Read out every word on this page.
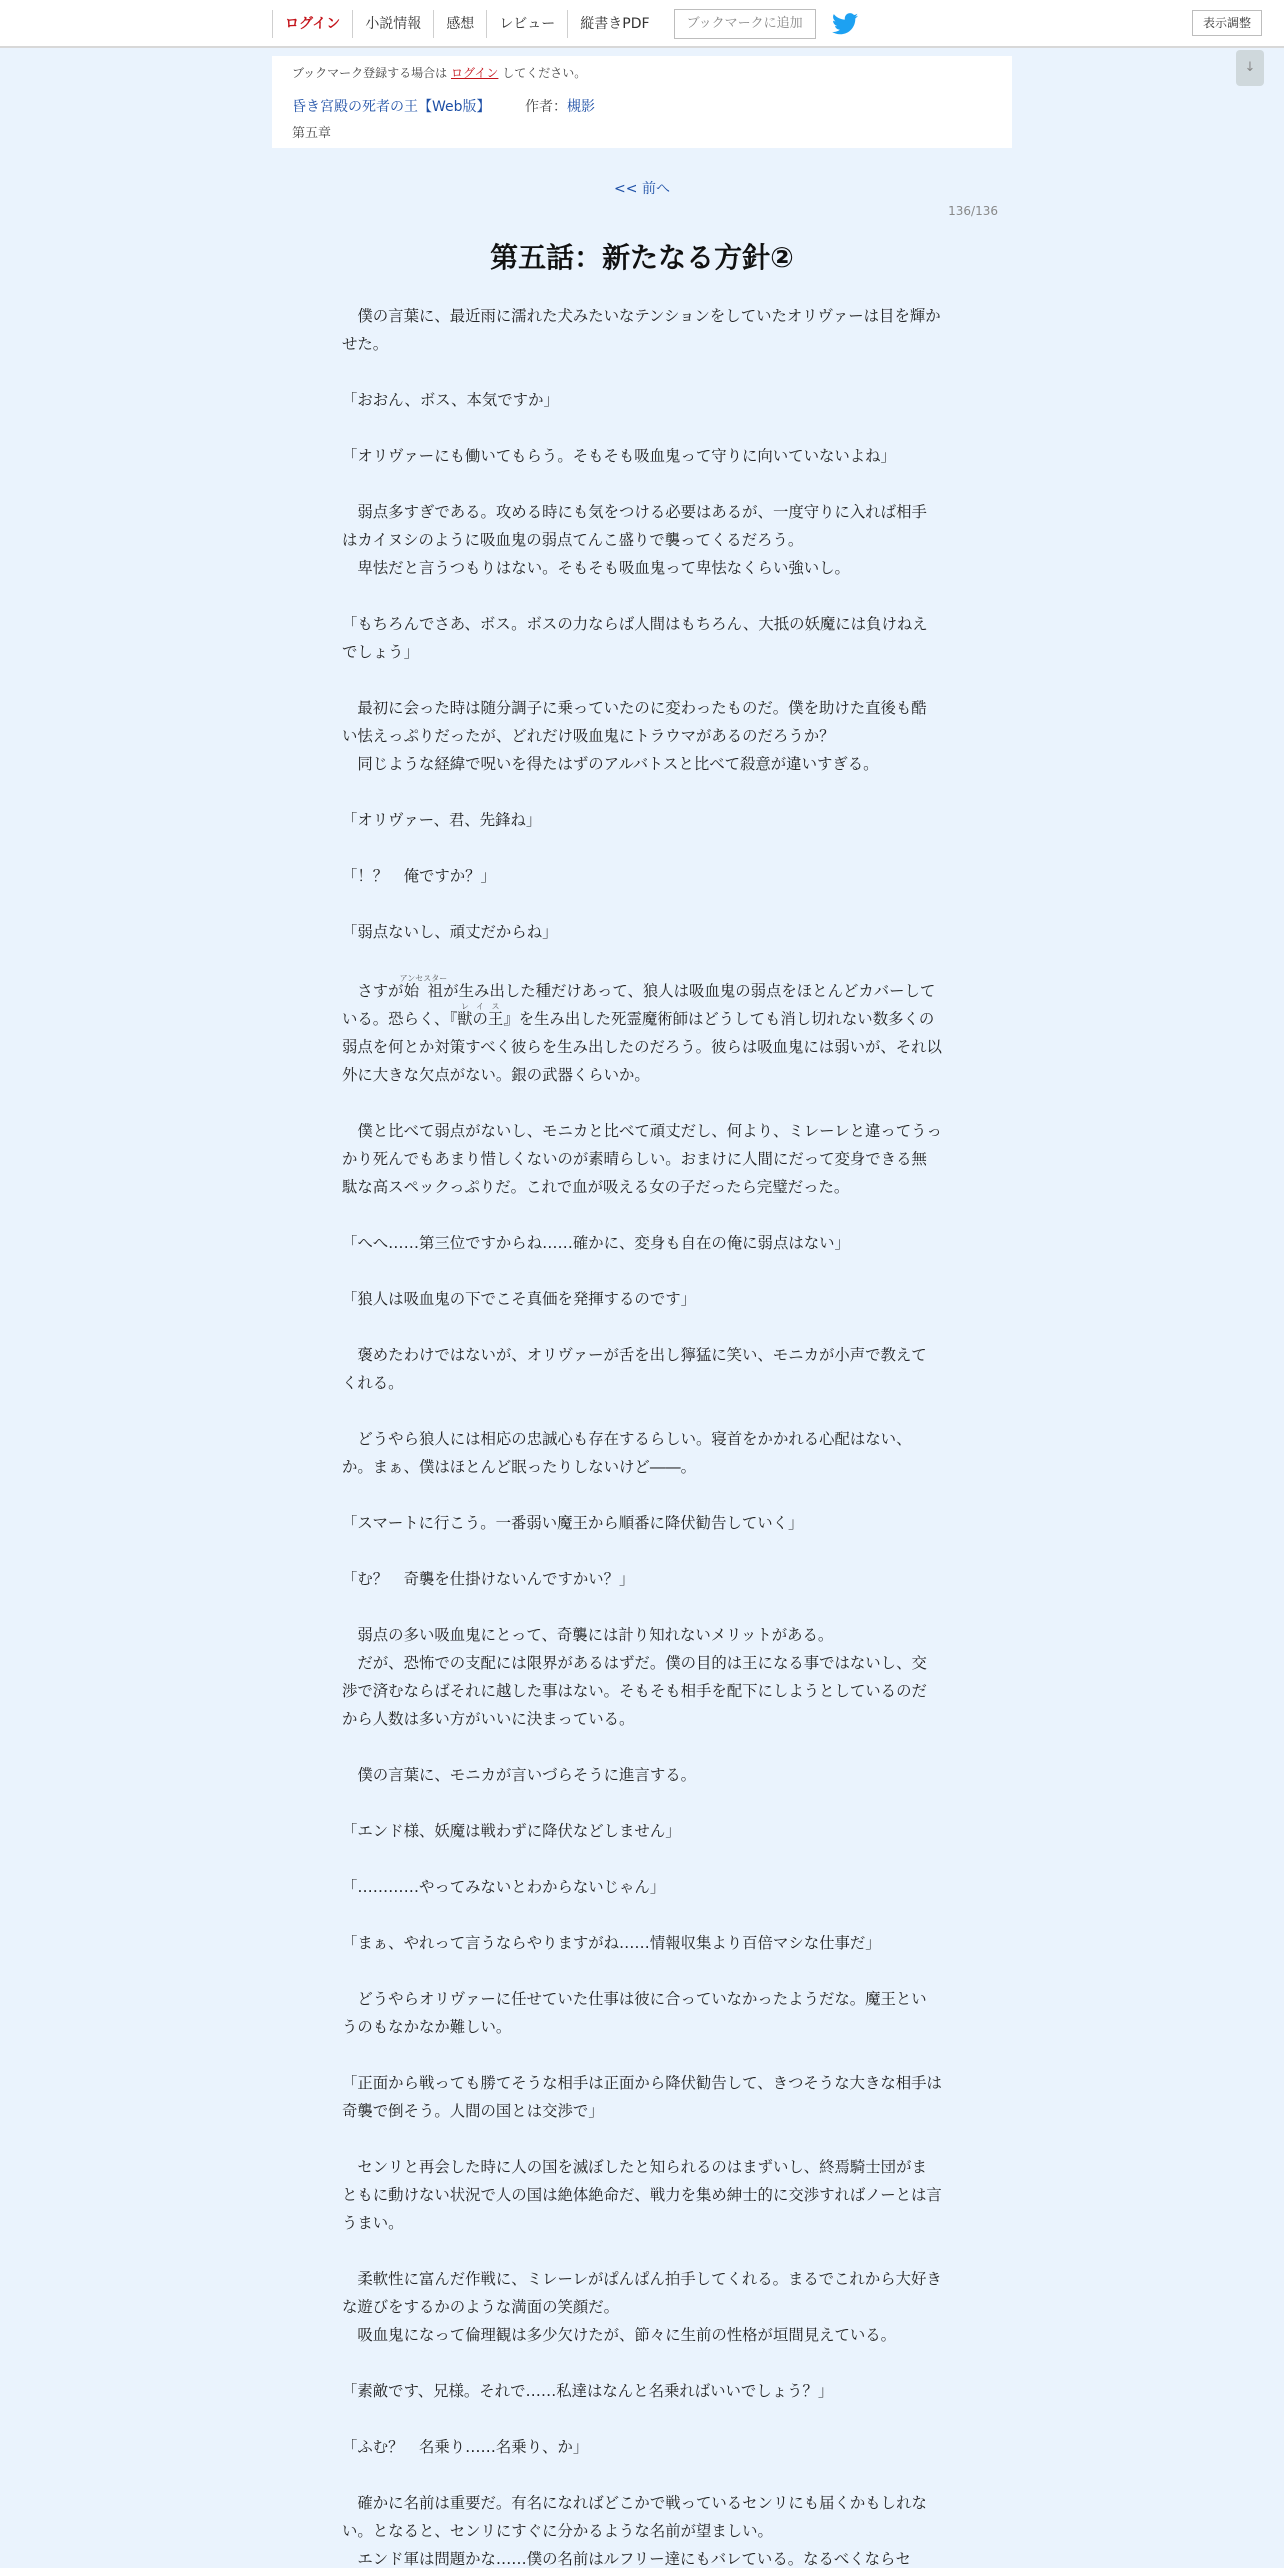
ログイン	小説情報	感想	レビュー	縦書きPDF	ブックマークに追加	表示調整
↓
ブックマーク登録する場合は ログイン してください。
昏き宮殿の死者の王【Web版】 作者：槻影
第五章
<< 前へ
136/136
第五話：新たなる方針②

　僕の言葉に、最近雨に濡れた犬みたいなテンションをしていたオリヴァーは目を輝かせた。

「おおん、ボス、本気ですか」

「オリヴァーにも働いてもらう。そもそも吸血鬼って守りに向いていないよね」

　弱点多すぎである。攻める時にも気をつける必要はあるが、一度守りに入れば相手はカイヌシのように吸血鬼の弱点てんこ盛りで襲ってくるだろう。

　卑怯だと言うつもりはない。そもそも吸血鬼って卑怯なくらい強いし。

「もちろんでさあ、ボス。ボスの力ならば人間はもちろん、大抵の妖魔には負けねえでしょう」

　最初に会った時は随分調子に乗っていたのに変わったものだ。僕を助けた直後も酷い怯えっぷりだったが、どれだけ吸血鬼にトラウマがあるのだろうか？

　同じような経緯で呪いを得たはずのアルバトスと比べて殺意が違いすぎる。

「オリヴァー、君、先鋒ね」

「！？　俺ですか？」

「弱点ないし、頑丈だからね」

　さすが始祖アンセスターが生み出した種だけあって、狼人は吸血鬼の弱点をほとんどカバーしている。恐らく、『獣の王レイス』を生み出した死霊魔術師はどうしても消し切れない数多くの弱点を何とか対策すべく彼らを生み出したのだろう。彼らは吸血鬼には弱いが、それ以外に大きな欠点がない。銀の武器くらいか。

　僕と比べて弱点がないし、モニカと比べて頑丈だし、何より、ミレーレと違ってうっかり死んでもあまり惜しくないのが素晴らしい。おまけに人間にだって変身できる無駄な高スペックっぷりだ。これで血が吸える女の子だったら完璧だった。

「へへ……第三位ですからね……確かに、変身も自在の俺に弱点はない」

「狼人は吸血鬼の下でこそ真価を発揮するのです」

　褒めたわけではないが、オリヴァーが舌を出し獰猛に笑い、モニカが小声で教えてくれる。

　どうやら狼人には相応の忠誠心も存在するらしい。寝首をかかれる心配はない、か。まぁ、僕はほとんど眠ったりしないけど――。

「スマートに行こう。一番弱い魔王から順番に降伏勧告していく」

「む？　奇襲を仕掛けないんですかい？」

　弱点の多い吸血鬼にとって、奇襲には計り知れないメリットがある。

　だが、恐怖での支配には限界があるはずだ。僕の目的は王になる事ではないし、交渉で済むならばそれに越した事はない。そもそも相手を配下にしようとしているのだから人数は多い方がいいに決まっている。

　僕の言葉に、モニカが言いづらそうに進言する。

「エンド様、妖魔は戦わずに降伏などしません」

「…………やってみないとわからないじゃん」

「まぁ、やれって言うならやりますがね……情報収集より百倍マシな仕事だ」

　どうやらオリヴァーに任せていた仕事は彼に合っていなかったようだな。魔王というのもなかなか難しい。

「正面から戦っても勝てそうな相手は正面から降伏勧告して、きつそうな大きな相手は奇襲で倒そう。人間の国とは交渉で」

　センリと再会した時に人の国を滅ぼしたと知られるのはまずいし、終焉騎士団がまともに動けない状況で人の国は絶体絶命だ、戦力を集め紳士的に交渉すればノーとは言うまい。

　柔軟性に富んだ作戦に、ミレーレがぱんぱん拍手してくれる。まるでこれから大好きな遊びをするかのような満面の笑顔だ。

　吸血鬼になって倫理観は多少欠けたが、節々に生前の性格が垣間見えている。

「素敵です、兄様。それで……私達はなんと名乗ればいいでしょう？」

「ふむ？　名乗り……名乗り、か」

　確かに名前は重要だ。有名になればどこかで戦っているセンリにも届くかもしれない。となると、センリにすぐに分かるような名前が望ましい。

　エンド軍は問題かな……僕の名前はルフリー達にもバレている。なるべくならセ
